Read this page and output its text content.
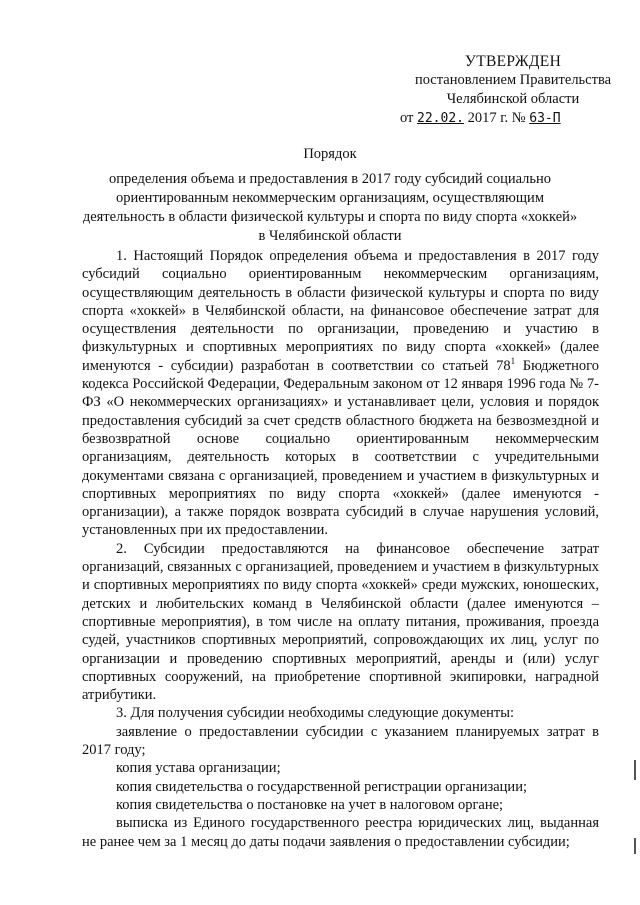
УТВЕРЖДЕН
постановлением Правительства
Челябинской области
от 22.02. 2017 г. № 63-П
Порядок
определения объема и предоставления в 2017 году субсидий социально ориентированным некоммерческим организациям, осуществляющим деятельность в области физической культуры и спорта по виду спорта «хоккей» в Челябинской области

1. Настоящий Порядок определения объема и предоставления в 2017 году субсидий социально ориентированным некоммерческим организациям, осуществляющим деятельность в области физической культуры и спорта по виду спорта «хоккей» в Челябинской области, на финансовое обеспечение затрат для осуществления деятельности по организации, проведению и участию в физкультурных и спортивных мероприятиях по виду спорта «хоккей» (далее именуются - субсидии) разработан в соответствии со статьей $78^1$ Бюджетного кодекса Российской Федерации, Федеральным законом от 12 января 1996 года № 7-ФЗ «О некоммерческих организациях» и устанавливает цели, условия и порядок предоставления субсидий за счет средств областного бюджета на безвозмездной и безвозвратной основе социально ориентированным некоммерческим организациям, деятельность которых в соответствии с учредительными документами связана с организацией, проведением и участием в физкультурных и спортивных мероприятиях по виду спорта «хоккей» (далее именуются - организации), а также порядок возврата субсидий в случае нарушения условий, установленных при их предоставлении.

2. Субсидии предоставляются на финансовое обеспечение затрат организаций, связанных с организацией, проведением и участием в физкультурных и спортивных мероприятиях по виду спорта «хоккей» среди мужских, юношеских, детских и любительских команд в Челябинской области (далее именуются – спортивные мероприятия), в том числе на оплату питания, проживания, проезда судей, участников спортивных мероприятий, сопровождающих их лиц, услуг по организации и проведению спортивных мероприятий, аренды и (или) услуг спортивных сооружений, на приобретение спортивной экипировки, наградной атрибутики.

3. Для получения субсидии необходимы следующие документы:

заявление о предоставлении субсидии с указанием планируемых затрат в 2017 году;

копия устава организации;

копия свидетельства о государственной регистрации организации;

копия свидетельства о постановке на учет в налоговом органе;

выписка из Единого государственного реестра юридических лиц, выданная не ранее чем за 1 месяц до даты подачи заявления о предоставлении субсидии;
